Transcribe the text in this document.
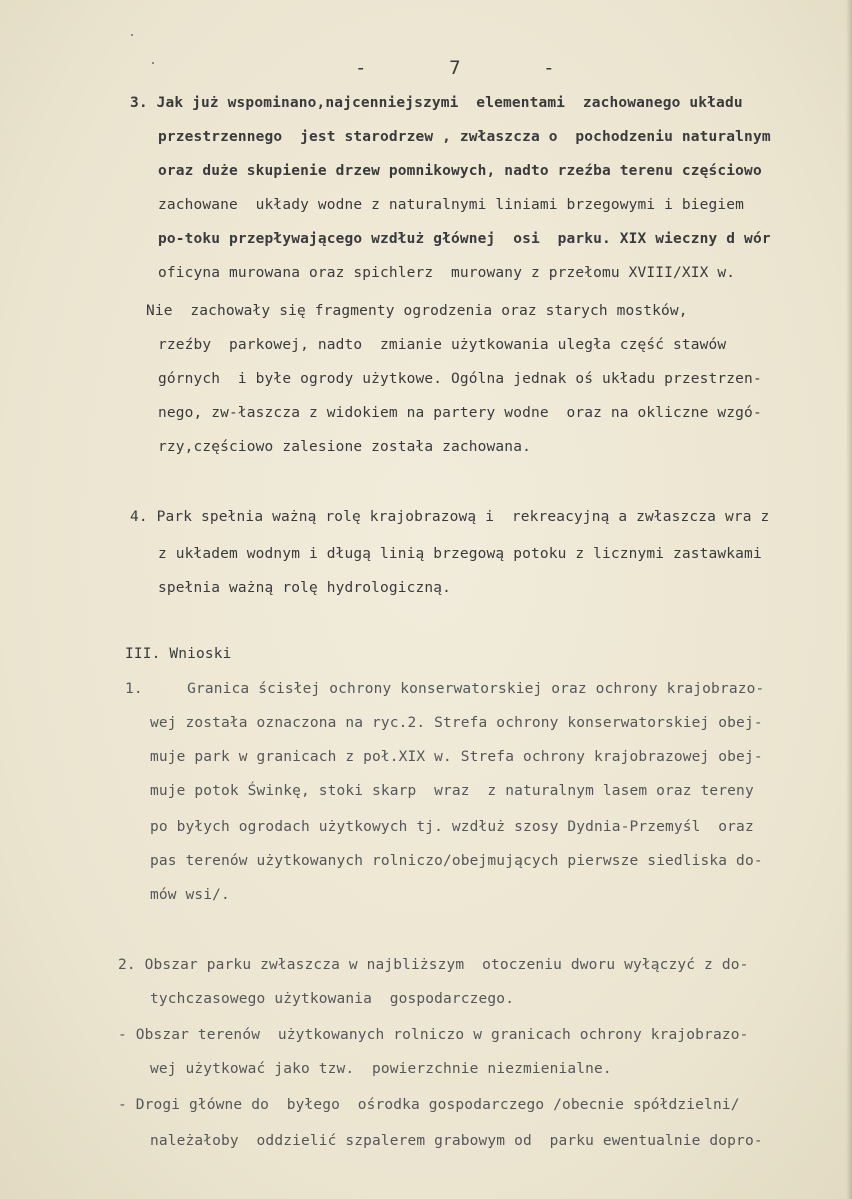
-      7      -
3. Jak już wspominano,najcenniejszymi  elementami  zachowanego układu
przestrzennego  jest starodrzew , zwłaszcza o  pochodzeniu naturalnym
oraz duże skupienie drzew pomnikowych, nadto rzeźba terenu częściowo
zachowane  układy wodne z naturalnymi liniami brzegowymi i biegiem
po-toku przepływającego wzdłuż głównej  osi  parku. XIX wieczny d wór
oficyna murowana oraz spichlerz  murowany z przełomu XVIII/XIX w.
Nie  zachowały się fragmenty ogrodzenia oraz starych mostków,
rzeźby  parkowej, nadto  zmianie użytkowania uległa część stawów
górnych  i byłe ogrody użytkowe. Ogólna jednak oś układu przestrzen-
nego, zw-łaszcza z widokiem na partery wodne  oraz na okliczne wzgó-
rzy,częściowo zalesione została zachowana.
4. Park spełnia ważną rolę krajobrazową i  rekreacyjną a zwłaszcza wra z
z układem wodnym i długą linią brzegową potoku z licznymi zastawkami
spełnia ważną rolę hydrologiczną.
III. Wnioski
1.     Granica ścisłej ochrony konserwatorskiej oraz ochrony krajobrazo-
wej została oznaczona na ryc.2. Strefa ochrony konserwatorskiej obej-
muje park w granicach z poł.XIX w. Strefa ochrony krajobrazowej obej-
muje potok Świnkę, stoki skarp  wraz  z naturalnym lasem oraz tereny
po byłych ogrodach użytkowych tj. wzdłuż szosy Dydnia-Przemyśl  oraz
pas terenów użytkowanych rolniczo/obejmujących pierwsze siedliska do-
mów wsi/.
2. Obszar parku zwłaszcza w najbliższym  otoczeniu dworu wyłączyć z do-
tychczasowego użytkowania  gospodarczego.
- Obszar terenów  użytkowanych rolniczo w granicach ochrony krajobrazo-
wej użytkować jako tzw.  powierzchnie niezmienialne.
- Drogi główne do  byłego  ośrodka gospodarczego /obecnie spółdzielni/
należałoby  oddzielić szpalerem grabowym od  parku ewentualnie dopro-
